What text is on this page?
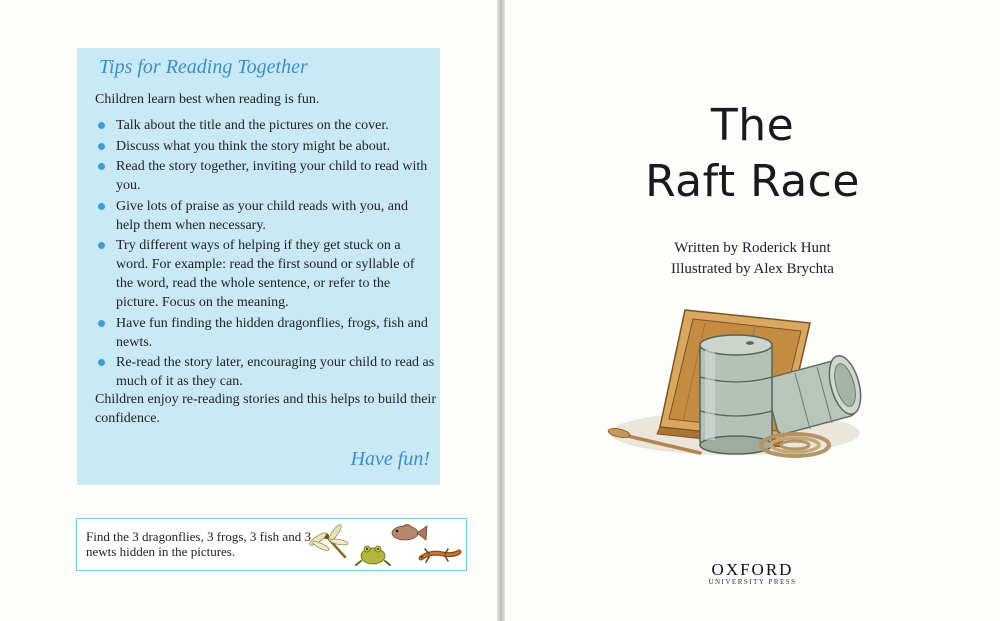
Tips for Reading Together
Children learn best when reading is fun.
Talk about the title and the pictures on the cover.
Discuss what you think the story might be about.
Read the story together, inviting your child to read with you.
Give lots of praise as your child reads with you, and help them when necessary.
Try different ways of helping if they get stuck on a word. For example: read the first sound or syllable of the word, read the whole sentence, or refer to the picture. Focus on the meaning.
Have fun finding the hidden dragonflies, frogs, fish and newts.
Re-read the story later, encouraging your child to read as much of it as they can.
Children enjoy re-reading stories and this helps to build their confidence.
Have fun!
Find the 3 dragonflies, 3 frogs, 3 fish and 3 newts hidden in the pictures.
The
Raft Race
Written by Roderick Hunt
Illustrated by Alex Brychta
OXFORD
UNIVERSITY PRESS
